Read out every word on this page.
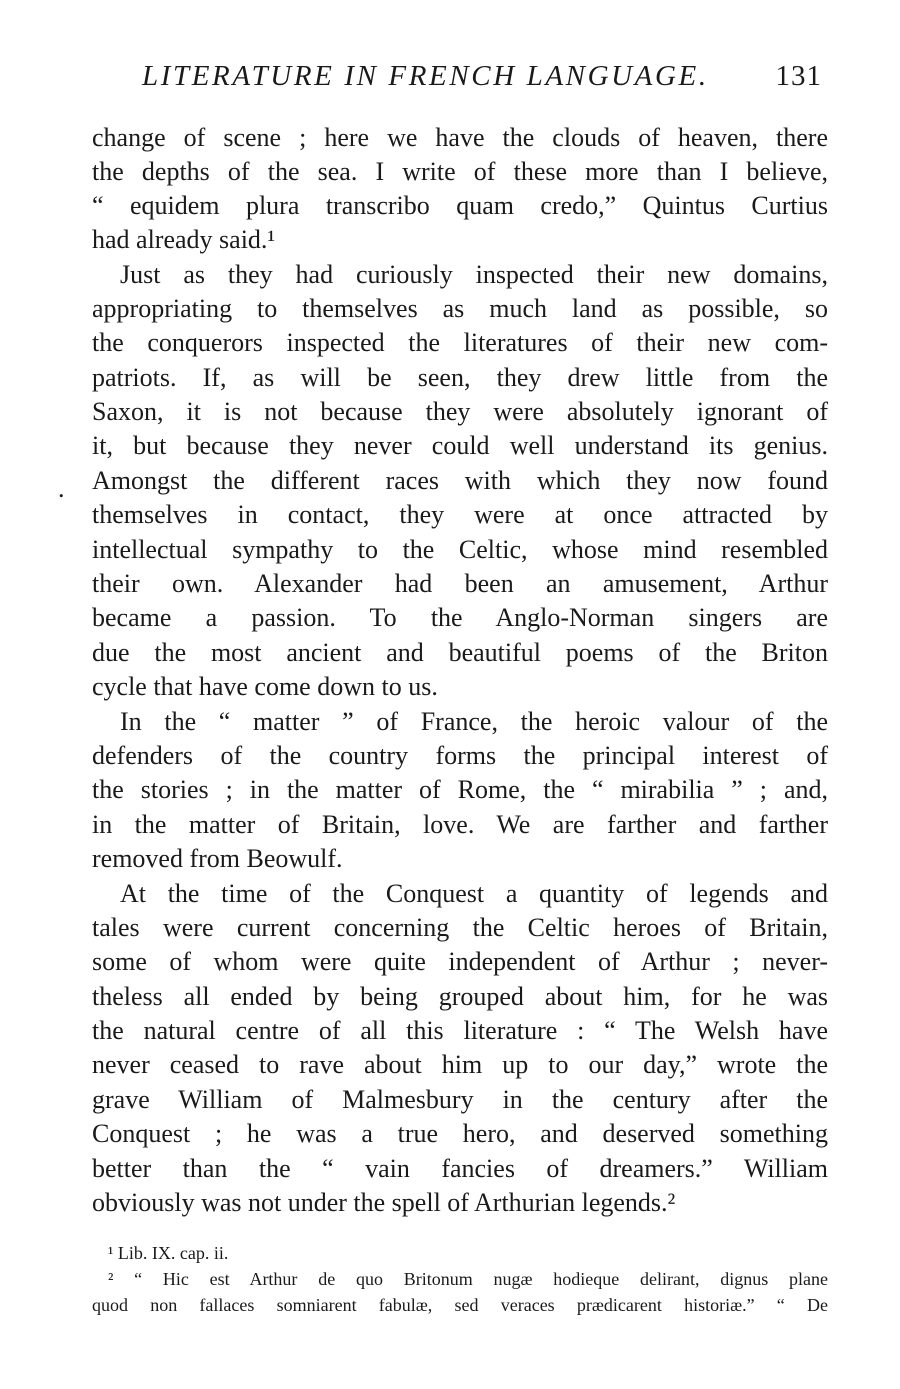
LITERATURE IN FRENCH LANGUAGE. 131
.
change of scene ; here we have the clouds of heaven, there
the depths of the sea. I write of these more than I believe,
“ equidem plura transcribo quam credo,” Quintus Curtius
had already said.¹
Just as they had curiously inspected their new domains,
appropriating to themselves as much land as possible, so
the conquerors inspected the literatures of their new com-
patriots. If, as will be seen, they drew little from the
Saxon, it is not because they were absolutely ignorant of
it, but because they never could well understand its genius.
Amongst the different races with which they now found
themselves in contact, they were at once attracted by
intellectual sympathy to the Celtic, whose mind resembled
their own. Alexander had been an amusement, Arthur
became a passion. To the Anglo-Norman singers are
due the most ancient and beautiful poems of the Briton
cycle that have come down to us.
In the “ matter ” of France, the heroic valour of the
defenders of the country forms the principal interest of
the stories ; in the matter of Rome, the “ mirabilia ” ; and,
in the matter of Britain, love. We are farther and farther
removed from Beowulf.
At the time of the Conquest a quantity of legends and
tales were current concerning the Celtic heroes of Britain,
some of whom were quite independent of Arthur ; never-
theless all ended by being grouped about him, for he was
the natural centre of all this literature : “ The Welsh have
never ceased to rave about him up to our day,” wrote the
grave William of Malmesbury in the century after the
Conquest ; he was a true hero, and deserved something
better than the “ vain fancies of dreamers.” William
obviously was not under the spell of Arthurian legends.²
¹ Lib. IX. cap. ii.
² “ Hic est Arthur de quo Britonum nugæ hodieque delirant, dignus plane
quod non fallaces somniarent fabulæ, sed veraces prædicarent historiæ.” “ De
